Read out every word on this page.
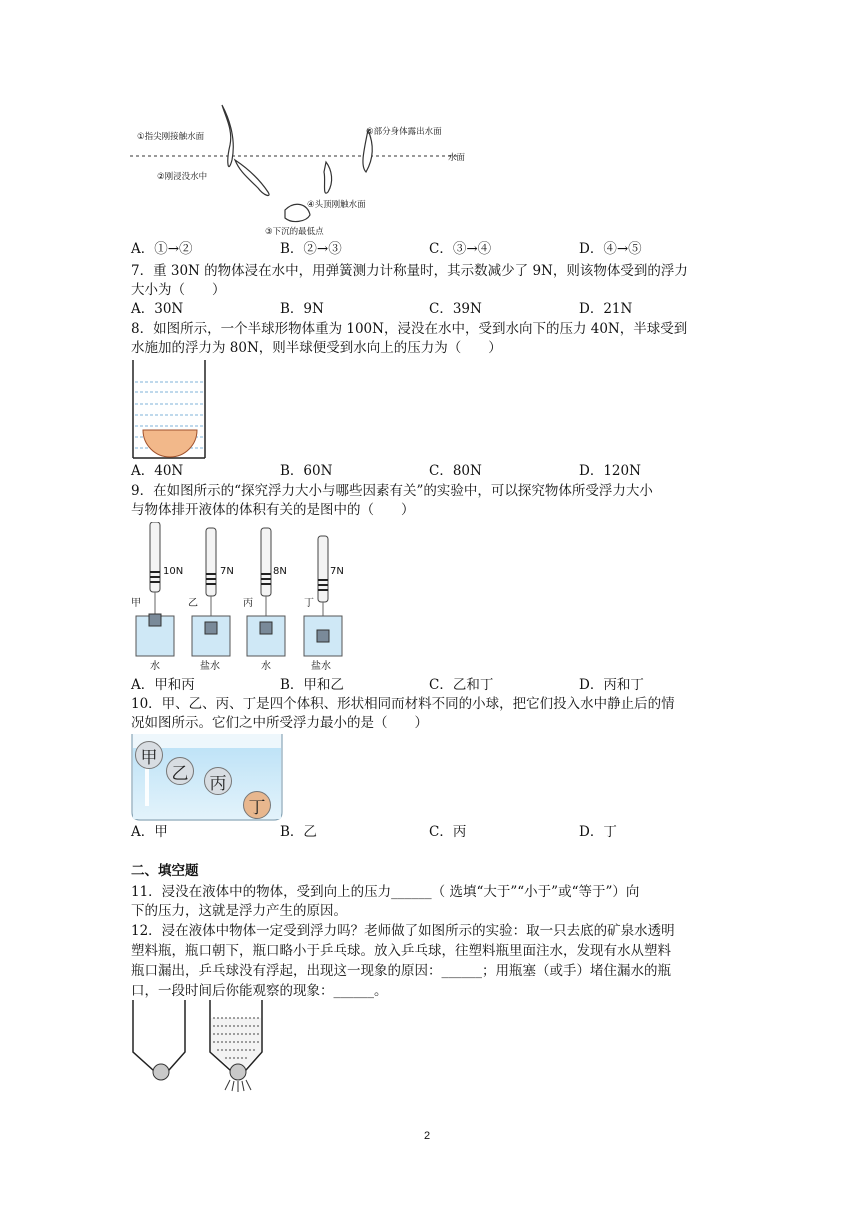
①指尖刚接触水面
②刚浸没水中
③下沉的最低点
④头顶刚触水面
⑤部分身体露出水面
水面
A．①→②	B．②→③	C．③→④	D．④→⑤
7．重 30N 的物体浸在水中，用弹簧测力计称量时，其示数减少了 9N，则该物体受到的浮力
大小为（　　）
A．30N	B．9N	C．39N	D．21N
8．如图所示，一个半球形物体重为 100N，浸没在水中，受到水向下的压力 40N，半球受到
水施加的浮力为 80N，则半球便受到水向上的压力为（　　）
A．40N	B．60N	C．80N	D．120N
9．在如图所示的“探究浮力大小与哪些因素有关”的实验中，可以探究物体所受浮力大小
与物体排开液体的体积有关的是图中的（　　）
10N	7N	8N	7N
甲	乙	丙	丁
水	盐水	水	盐水
A．甲和丙	B．甲和乙	C．乙和丁	D．丙和丁
10．甲、乙、丙、丁是四个体积、形状相同而材料不同的小球，把它们投入水中静止后的情
况如图所示。它们之中所受浮力最小的是（　　）
甲
乙 丙
丁
A．甲	B．乙	C．丙	D．丁
二、填空题
11．浸没在液体中的物体，受到向上的压力______（ 选填“大于”“小于”或“等于”）向
下的压力，这就是浮力产生的原因。
12．浸在液体中物体一定受到浮力吗？老师做了如图所示的实验：取一只去底的矿泉水透明
塑料瓶，瓶口朝下，瓶口略小于乒乓球。放入乒乓球，往塑料瓶里面注水，发现有水从塑料
瓶口漏出，乒乓球没有浮起，出现这一现象的原因：______；用瓶塞（或手）堵住漏水的瓶
口，一段时间后你能观察的现象：______。
2
